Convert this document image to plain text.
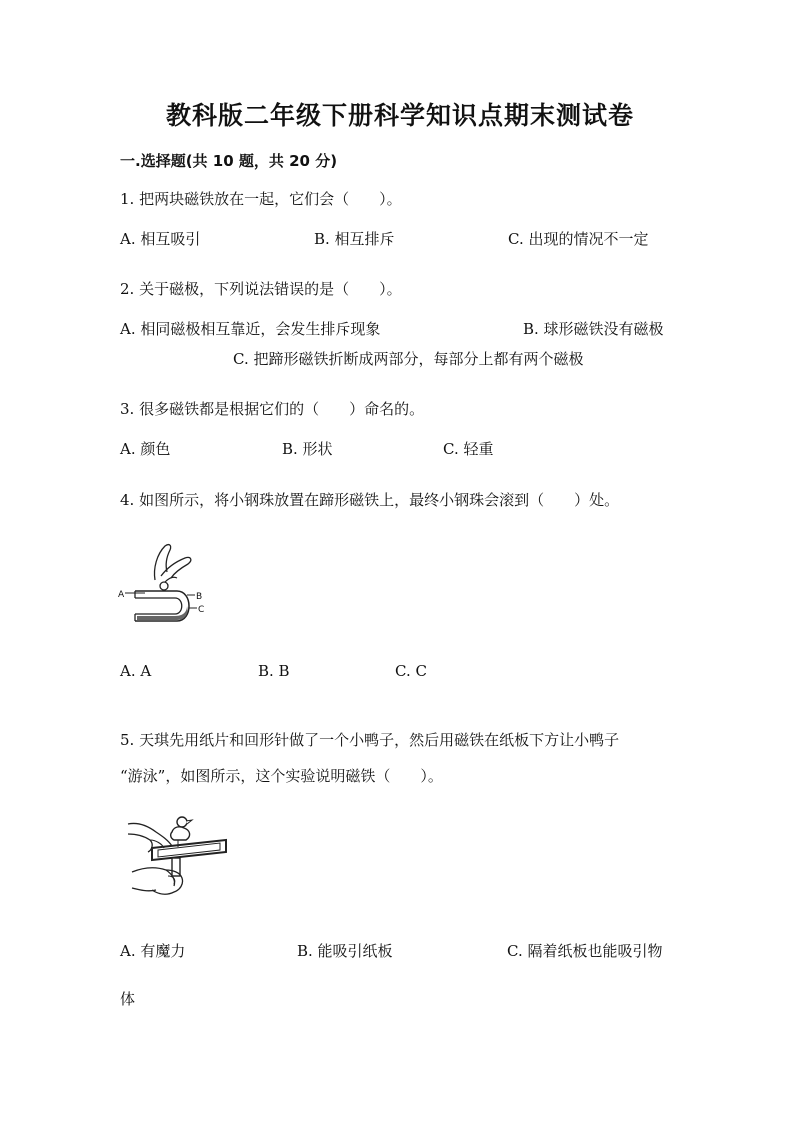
教科版二年级下册科学知识点期末测试卷
一.选择题(共 10 题，共 20 分)
1. 把两块磁铁放在一起，它们会（　　）。
A. 相互吸引	B. 相互排斥	C. 出现的情况不一定
2. 关于磁极，下列说法错误的是（　　）。
A. 相同磁极相互靠近，会发生排斥现象	B. 球形磁铁没有磁极
C. 把蹄形磁铁折断成两部分，每部分上都有两个磁极
3. 很多磁铁都是根据它们的（　　）命名的。
A. 颜色	B. 形状	C. 轻重
4. 如图所示，将小钢珠放置在蹄形磁铁上，最终小钢珠会滚到（　　）处。
A	B
C
A. A	B. B	C. C
5. 天琪先用纸片和回形针做了一个小鸭子，然后用磁铁在纸板下方让小鸭子
“游泳”，如图所示，这个实验说明磁铁（　　）。
A. 有魔力	B. 能吸引纸板	C. 隔着纸板也能吸引物
体
